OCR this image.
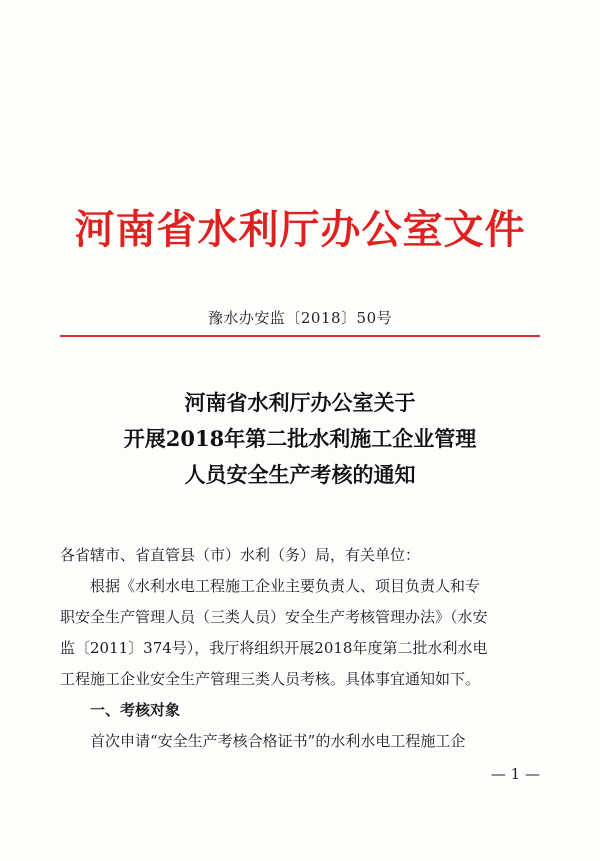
河南省水利厅办公室文件
豫水办安监〔2018〕50号
河南省水利厅办公室关于
开展2018年第二批水利施工企业管理
人员安全生产考核的通知

各省辖市、省直管县（市）水利（务）局，有关单位：

根据《水利水电工程施工企业主要负责人、项目负责人和专

职安全生产管理人员（三类人员）安全生产考核管理办法》（水安

监〔2011〕374号），我厅将组织开展2018年度第二批水利水电

工程施工企业安全生产管理三类人员考核。具体事宜通知如下。

一、考核对象

首次申请“安全生产考核合格证书”的水利水电工程施工企

— 1 —
